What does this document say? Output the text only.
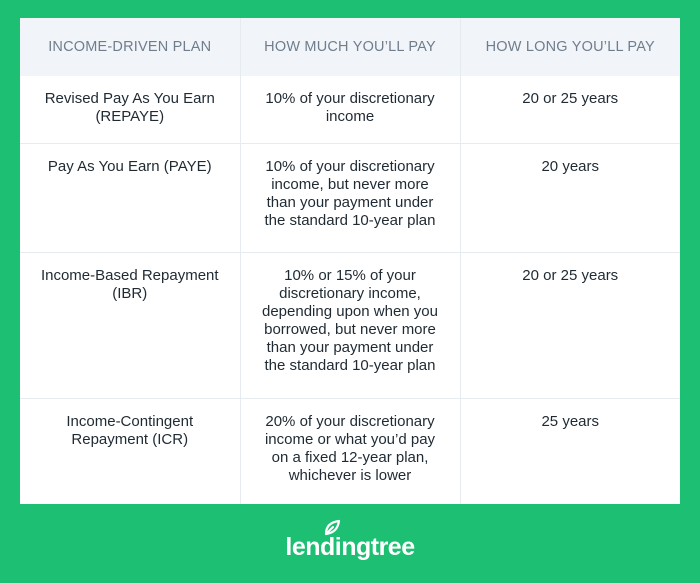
INCOME-DRIVEN PLAN	HOW MUCH YOU’LL PAY	HOW LONG YOU’LL PAY
Revised Pay As You Earn (REPAYE)	10% of your discretionary income	20 or 25 years
Pay As You Earn (PAYE)	10% of your discretionary income, but never more than your payment under the standard 10-year plan	20 years
Income-Based Repayment (IBR)	10% or 15% of your discretionary income, depending upon when you borrowed, but never more than your payment under the standard 10-year plan	20 or 25 years
Income-Contingent Repayment (ICR)	20% of your discretionary income or what you’d pay on a fixed 12-year plan, whichever is lower	25 years
lendingtree
